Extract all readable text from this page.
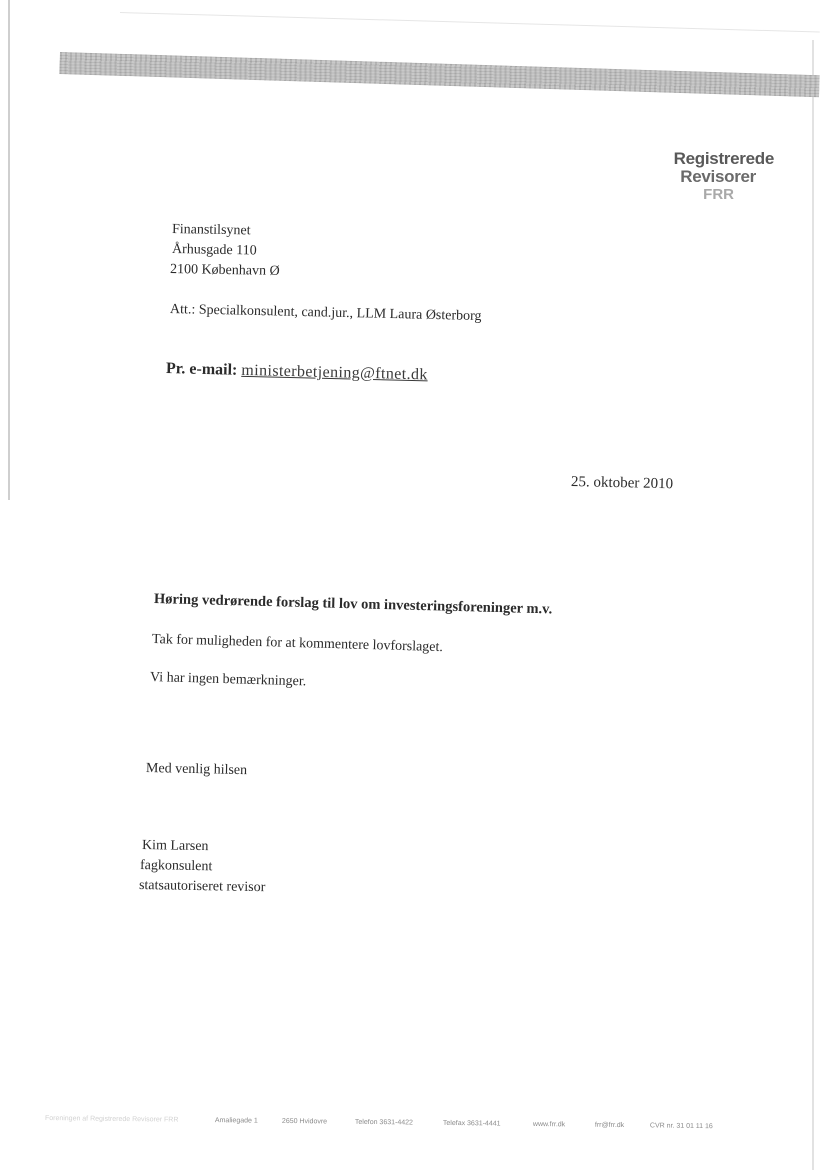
Registrerede
Revisorer
FRR
Finanstilsynet
Århusgade 110
2100 København Ø
Att.: Specialkonsulent, cand.jur., LLM Laura Østerborg
Pr. e-mail: ministerbetjening@ftnet.dk
25. oktober 2010
Høring vedrørende forslag til lov om investeringsforeninger m.v.
Tak for muligheden for at kommentere lovforslaget.
Vi har ingen bemærkninger.
Med venlig hilsen
Kim Larsen
fagkonsulent
statsautoriseret revisor
Foreningen af Registrerede Revisorer FRR	Amaliegade 1	2650 Hvidovre	Telefon 3631-4422	Telefax 3631-4441	www.frr.dk	frr@frr.dk	CVR nr. 31 01 11 16
